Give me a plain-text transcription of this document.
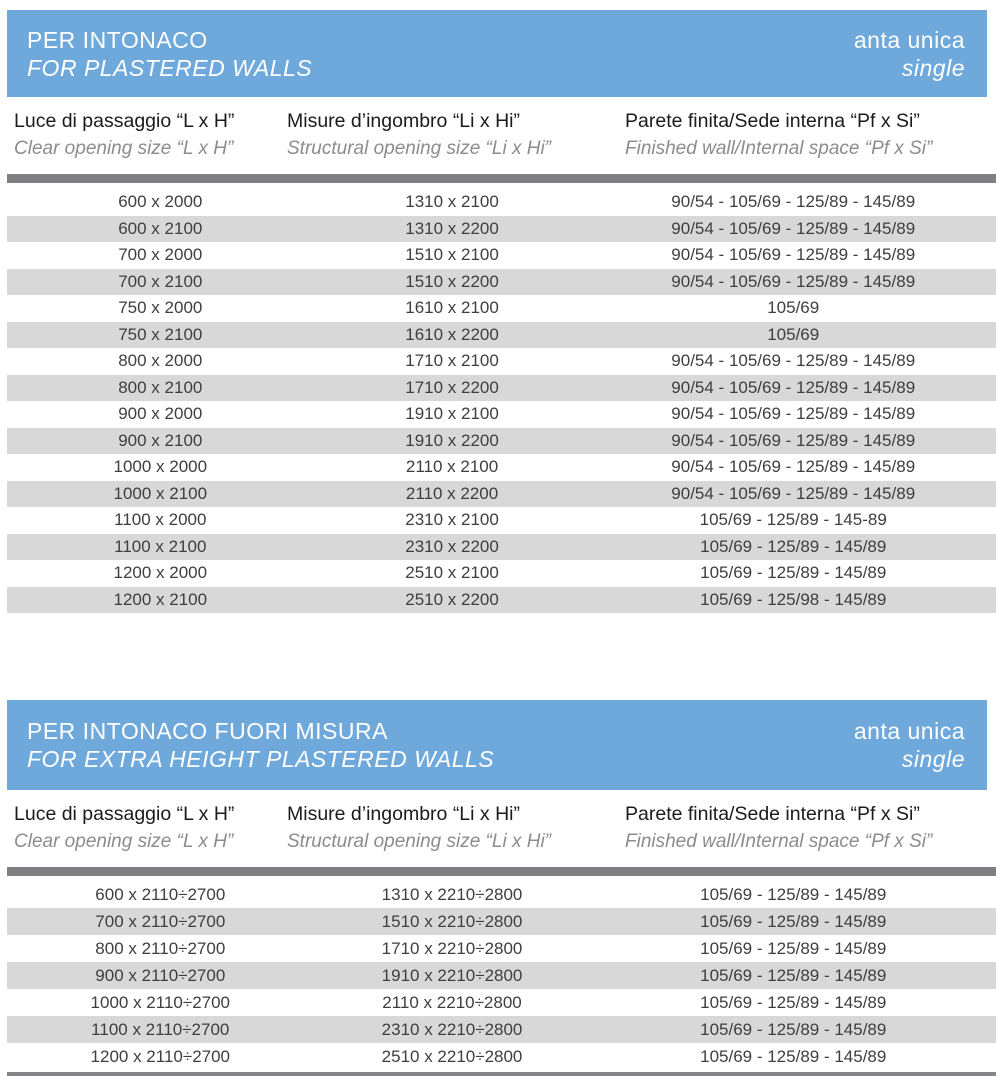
PER INTONACO
FOR PLASTERED WALLS
anta unica
single
Luce di passaggio “L x H”
Clear opening size “L x H”
Misure d’ingombro “Li x Hi”
Structural opening size “Li x Hi”
Parete finita/Sede interna “Pf x Si”
Finished wall/Internal space “Pf x Si”
600 x 2000	1310 x 2100	90/54 - 105/69 - 125/89 - 145/89
600 x 2100	1310 x 2200	90/54 - 105/69 - 125/89 - 145/89
700 x 2000	1510 x 2100	90/54 - 105/69 - 125/89 - 145/89
700 x 2100	1510 x 2200	90/54 - 105/69 - 125/89 - 145/89
750 x 2000	1610 x 2100	105/69
750 x 2100	1610 x 2200	105/69
800 x 2000	1710 x 2100	90/54 - 105/69 - 125/89 - 145/89
800 x 2100	1710 x 2200	90/54 - 105/69 - 125/89 - 145/89
900 x 2000	1910 x 2100	90/54 - 105/69 - 125/89 - 145/89
900 x 2100	1910 x 2200	90/54 - 105/69 - 125/89 - 145/89
1000 x 2000	2110 x 2100	90/54 - 105/69 - 125/89 - 145/89
1000 x 2100	2110 x 2200	90/54 - 105/69 - 125/89 - 145/89
1100 x 2000	2310 x 2100	105/69 - 125/89 - 145-89
1100 x 2100	2310 x 2200	105/69 - 125/89 - 145/89
1200 x 2000	2510 x 2100	105/69 - 125/89 - 145/89
1200 x 2100	2510 x 2200	105/69 - 125/98 - 145/89
PER INTONACO FUORI MISURA
FOR EXTRA HEIGHT PLASTERED WALLS
anta unica
single
Luce di passaggio “L x H”
Clear opening size “L x H”
Misure d’ingombro “Li x Hi”
Structural opening size “Li x Hi”
Parete finita/Sede interna “Pf x Si”
Finished wall/Internal space “Pf x Si”
600 x 2110÷2700	1310 x 2210÷2800	105/69 - 125/89 - 145/89
700 x 2110÷2700	1510 x 2210÷2800	105/69 - 125/89 - 145/89
800 x 2110÷2700	1710 x 2210÷2800	105/69 - 125/89 - 145/89
900 x 2110÷2700	1910 x 2210÷2800	105/69 - 125/89 - 145/89
1000 x 2110÷2700	2110 x 2210÷2800	105/69 - 125/89 - 145/89
1100 x 2110÷2700	2310 x 2210÷2800	105/69 - 125/89 - 145/89
1200 x 2110÷2700	2510 x 2210÷2800	105/69 - 125/89 - 145/89
